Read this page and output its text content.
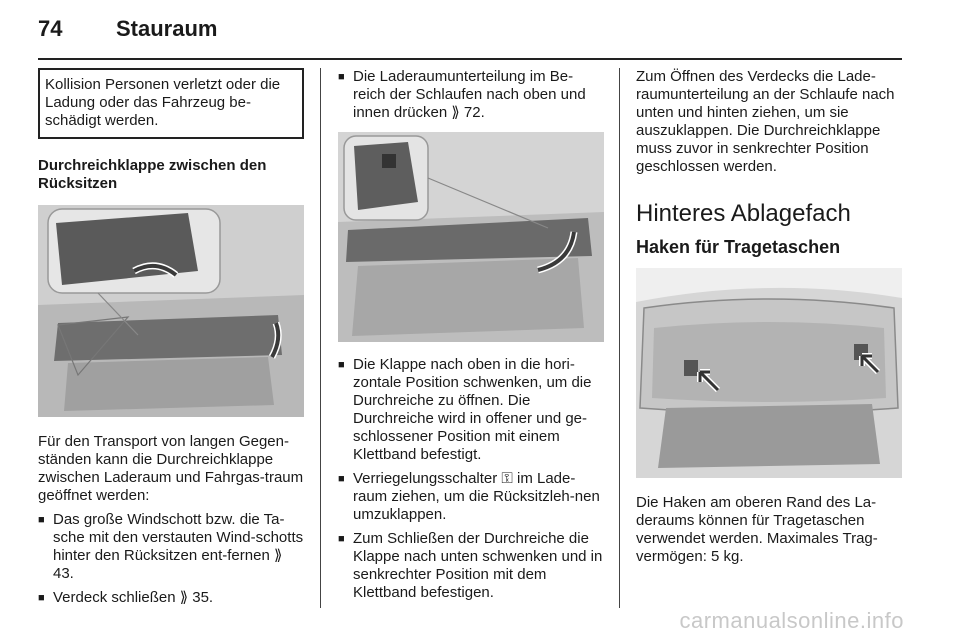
74 Stauraum

Kollision Personen verletzt oder die Ladung oder das Fahrzeug be-schädigt werden.

Durchreichklappe zwischen den Rücksitzen

Für den Transport von langen Gegen-ständen kann die Durchreichklappe zwischen Laderaum und Fahrgas-traum geöffnet werden:

■ Das große Windschott bzw. die Ta-sche mit den verstauten Wind-schotts hinter den Rücksitzen ent-fernen ⟫ 43.
■ Verdeck schließen ⟫ 35.
■ Die Laderaumunterteilung im Be-reich der Schlaufen nach oben und innen drücken ⟫ 72.
■ Die Klappe nach oben in die hori-zontale Position schwenken, um die Durchreiche zu öffnen. Die Durchreiche wird in offener und ge-schlossener Position mit einem Klettband befestigt.
■ Verriegelungsschalter ⚿ im Lade-raum ziehen, um die Rücksitzleh-nen umzuklappen.
■ Zum Schließen der Durchreiche die Klappe nach unten schwenken und in senkrechter Position mit dem Klettband befestigen.

Zum Öffnen des Verdecks die Lade-raumunterteilung an der Schlaufe nach unten und hinten ziehen, um sie auszuklappen. Die Durchreichklappe muss zuvor in senkrechter Position geschlossen werden.

Hinteres Ablagefach
Haken für Tragetaschen

Die Haken am oberen Rand des La-deraums können für Tragetaschen verwendet werden. Maximales Trag-vermögen: 5 kg.

carmanualsonline.info
